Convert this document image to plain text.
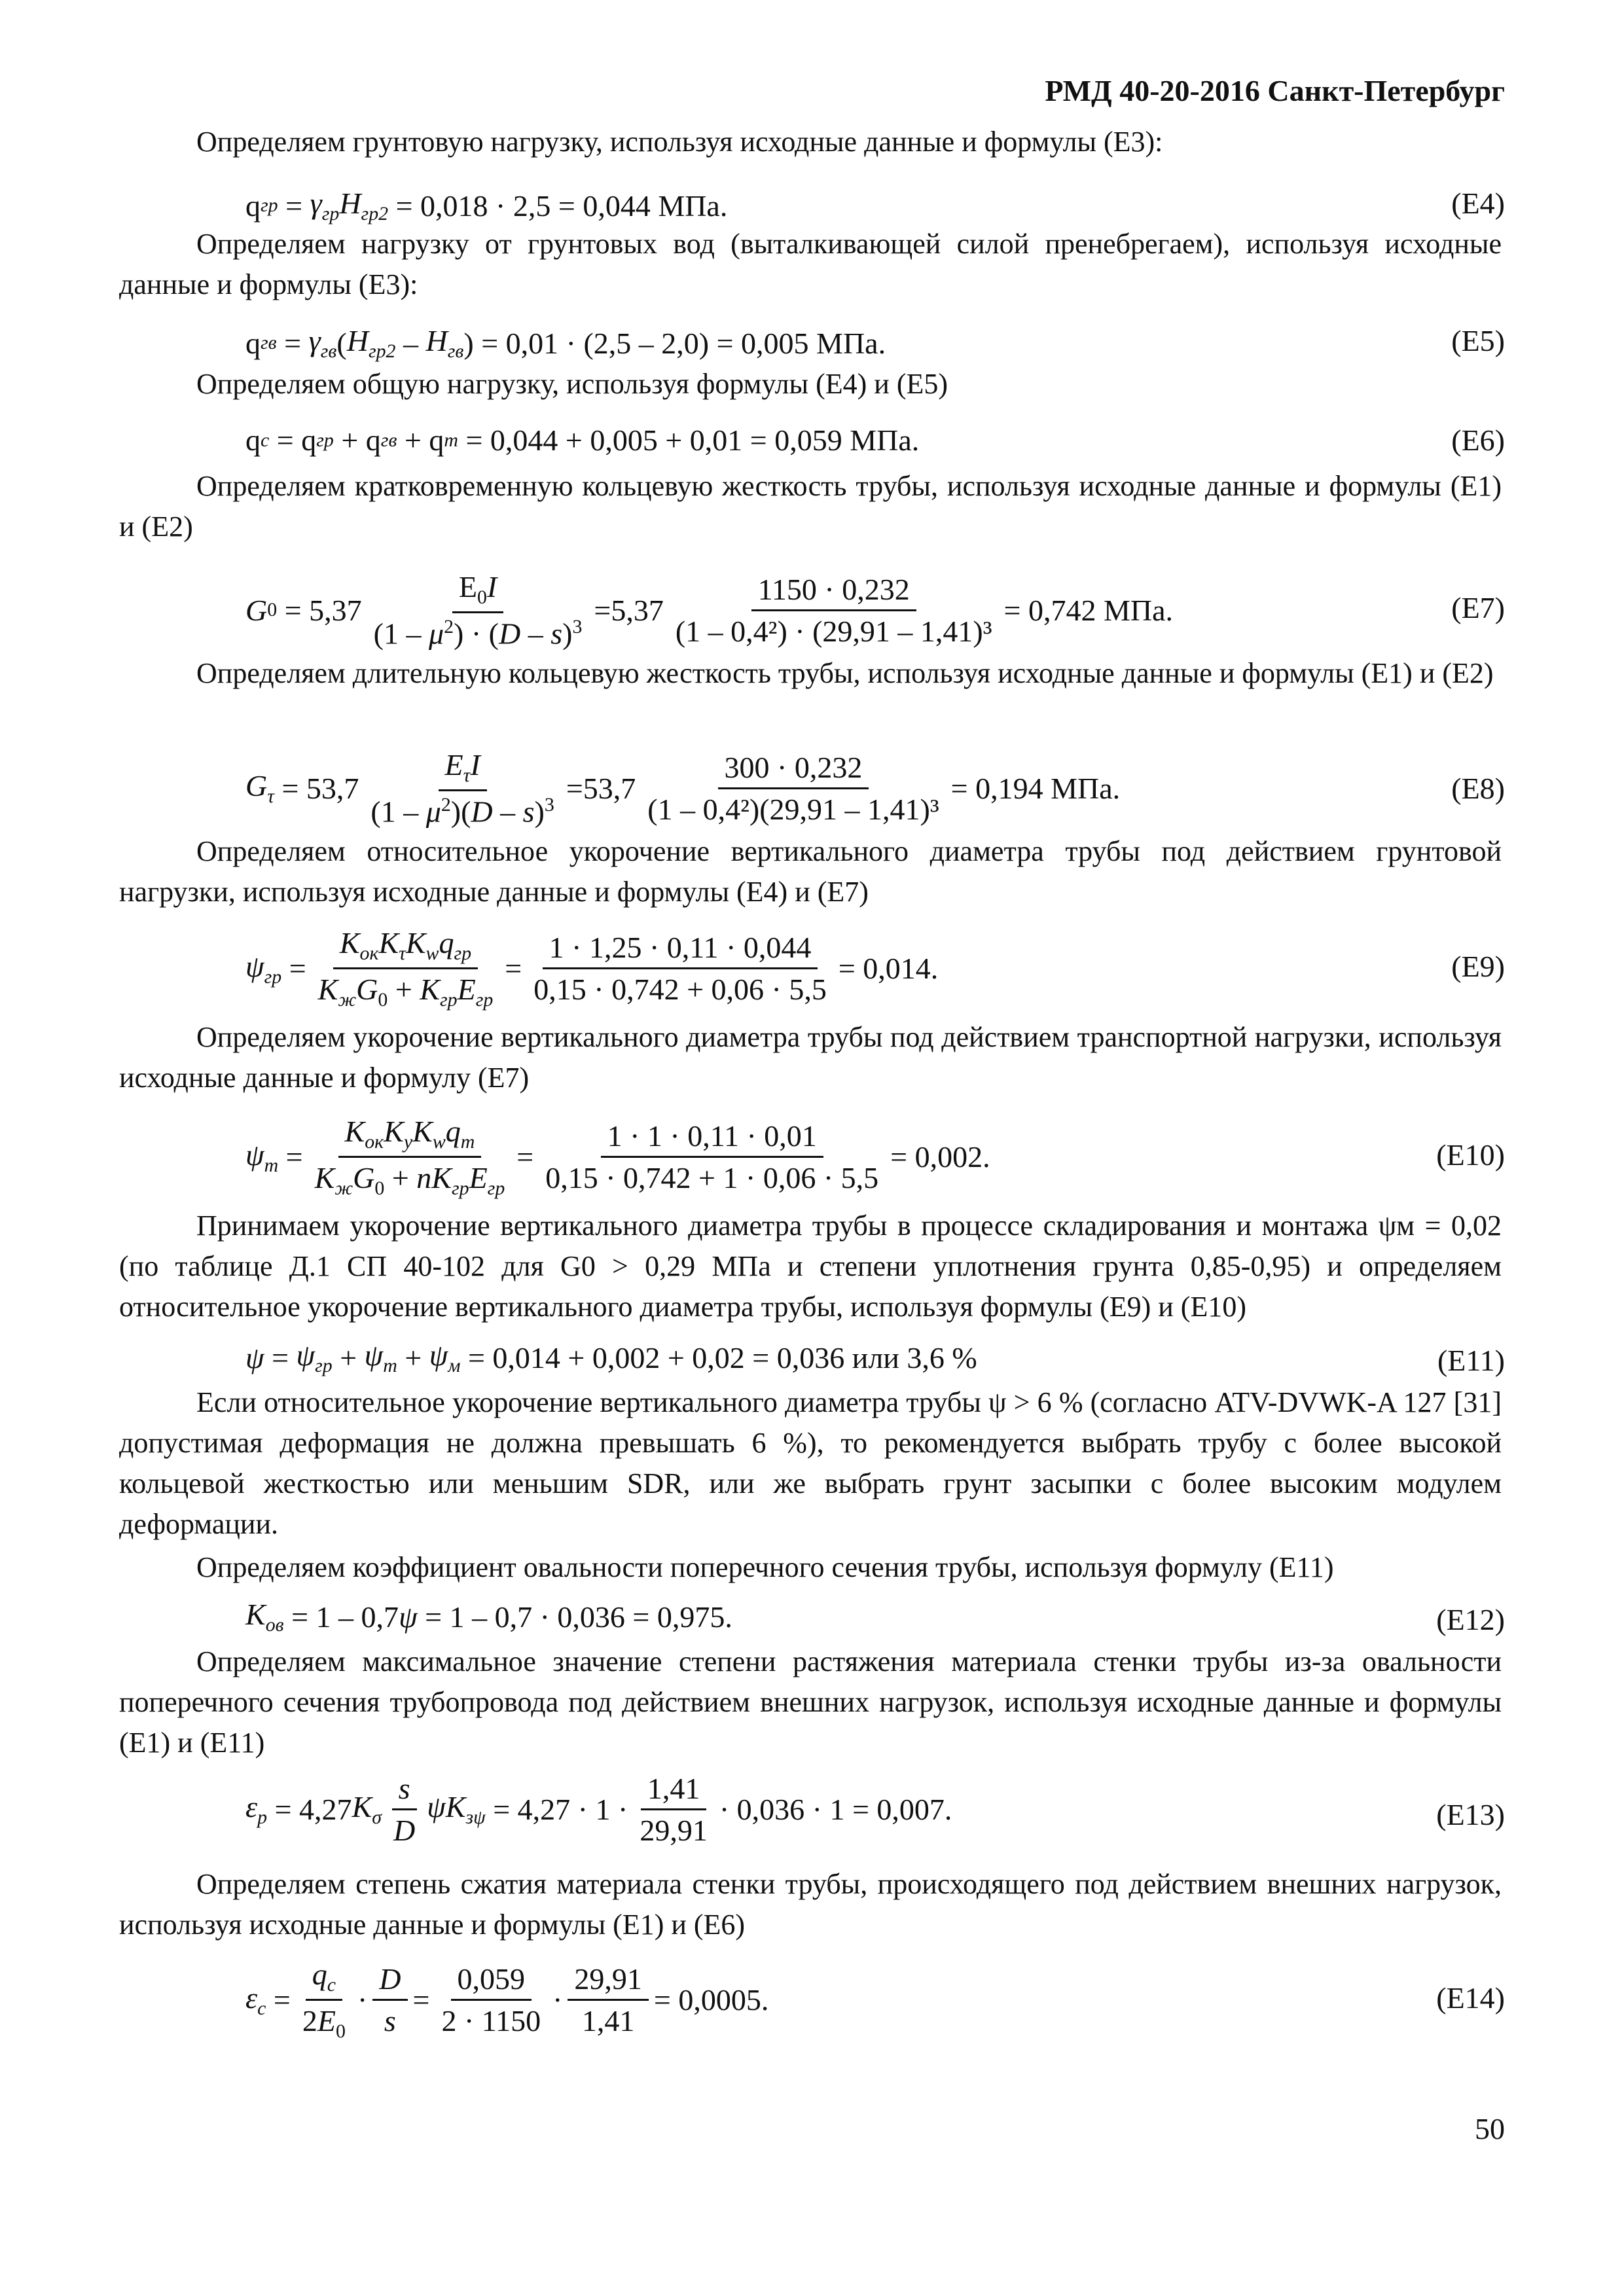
РМД 40-20-2016 Санкт-Петербург

Определяем грунтовую нагрузку, используя исходные данные и формулы (Е3):

q гр = $\gamma_{гр}H_{гр2}$
= 0,018 · 2,5 = 0,044 МПа.	(Е4)

Определяем нагрузку от грунтовых вод (выталкивающей силой пренебрегаем), используя исходные данные и формулы (Е3):

q гв = $\gamma_{гв}$ ( $H_{гр2} - H_{гв}$ ) = 0,01 · (2,5 – 2,0) = 0,005 МПа.	(Е5)

Определяем общую нагрузку, используя формулы (Е4) и (Е5)

q с = q гр + q гв + q т
= 0,044 + 0,005 + 0,01 = 0,059 МПа.	(Е6)

Определяем кратковременную кольцевую жесткость трубы, используя исходные данные и формулы (Е1) и (Е2)

G $0 = 5,37 \frac{E_0I}{(1 - \mu^2) \cdot (D - s)^3} = 5,37 \frac{1150 \cdot 0,232}{\text{(1 – 0,4²) · (29,91 – 1,41)³}} = 0,742$ МПа.	(Е7)

Определяем длительную кольцевую жесткость трубы, используя исходные данные и формулы (Е1) и (Е2)

$G_\tau = 53,7 \frac{E_\tau I}{(1 - \mu^2)(D - s)^3} = 53,7 \frac{300 \cdot 0,232}{\text{(1 – 0,4²)(29,91 – 1,41)³}} = 0,194$ МПа.	(Е8)

Определяем относительное укорочение вертикального диаметра трубы под действием грунтовой нагрузки, используя исходные данные и формулы (Е4) и (Е7)

$\psi_{гр} = \frac{K_{ок}K_\tau K_wq_{гр}}{K_жG_0 + K_{гр}E_{гр}} = \frac{1 \cdot 1,25 \cdot 0,11 \cdot 0,044}{0,15 \cdot 0,742 + 0,06 \cdot 5,5} = 0,014$.	(Е9)

Определяем укорочение вертикального диаметра трубы под действием транспортной нагрузки, используя исходные данные и формулу (Е7)

$\psi_т = \frac{K_{ок}K_уK_wq_т}{K_жG_0 + nK_{гр}E_{гр}} = \frac{1 \cdot 1 \cdot 0,11 \cdot 0,01}{0,15 \cdot 0,742 + 1 \cdot 0,06 \cdot 5,5} = 0,002$.	(Е10)

Принимаем укорочение вертикального диаметра трубы в процессе складирования и монтажа ψм = 0,02 (по таблице Д.1 СП 40-102 для G0 > 0,29 МПа и степени уплотнения грунта 0,85-0,95) и определяем относительное укорочение вертикального диаметра трубы, используя формулы (Е9) и (Е10)

$\psi = \psi_{гр} + \psi_т + \psi_м$
= 0,014 + 0,002 + 0,02 = 0,036 или 3,6 %	(Е11)

Если относительное укорочение вертикального диаметра трубы ψ > 6 % (согласно ATV-DVWK-A 127 [31] допустимая деформация не должна превышать 6 %), то рекомендуется выбрать трубу с более высокой кольцевой жесткостью или меньшим SDR, или же выбрать грунт засыпки с более высоким модулем деформации.

Определяем коэффициент овальности поперечного сечения трубы, используя формулу (Е11)

$K_{ов} = 1 - 0,7$ ψ
= 1 – 0,7 · 0,036 = 0,975.	(Е12)

Определяем максимальное значение степени растяжения материала стенки трубы из-за овальности поперечного сечения трубопровода под действием внешних нагрузок, используя исходные данные и формулы (Е1) и (Е11)

$\varepsilon_р = 4,27$ $K_\sigma \frac{s}{D} \psi K_{з\psi} = 4,27 \cdot 1 \cdot \frac{1,41}{29,91} \cdot 0,036 \cdot 1 = 0,007$.	(Е13)

Определяем степень сжатия материала стенки трубы, происходящего под действием внешних нагрузок, используя исходные данные и формулы (Е1) и (Е6)

$\varepsilon_с = \frac{q_с}{2E_0} \cdot \frac{D}{s} = \frac{0,059}{2 \cdot 1150} \cdot \frac{29,91}{1,41} = 0,0005$.	(Е14)
50
